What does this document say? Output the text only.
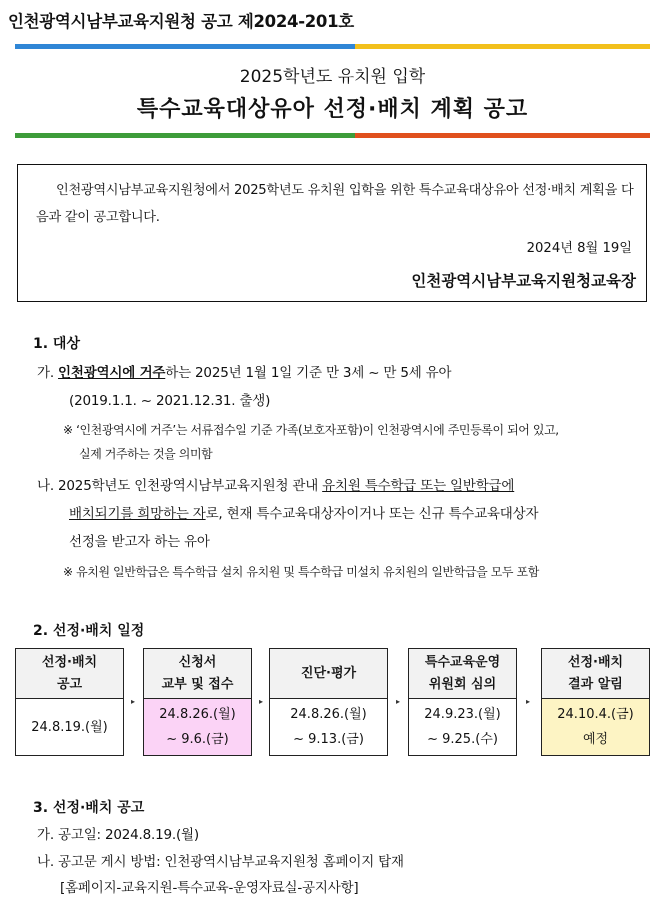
인천광역시남부교육지원청 공고 제2024-201호
2025학년도 유치원 입학
특수교육대상유아 선정·배치 계획 공고
인천광역시남부교육지원청에서 2025학년도 유치원 입학을 위한 특수교육대상유아 선정·배치 계획을 다음과 같이 공고합니다.
2024년 8월 19일
인천광역시남부교육지원청교육장
1. 대상
가. 인천광역시에 거주하는 2025년 1월 1일 기준 만 3세 ~ 만 5세 유아
(2019.1.1. ~ 2021.12.31. 출생)
※ ‘인천광역시에 거주’는 서류접수일 기준 가족(보호자포함)이 인천광역시에 주민등록이 되어 있고,
실제 거주하는 것을 의미함
나. 2025학년도 인천광역시남부교육지원청 관내 유치원 특수학급 또는 일반학급에
배치되기를 희망하는 자로, 현재 특수교육대상자이거나 또는 신규 특수교육대상자
선정을 받고자 하는 유아
※ 유치원 일반학급은 특수학급 설치 유치원 및 특수학급 미설치 유치원의 일반학급을 모두 포함
2. 선정·배치 일정
선정·배치
공고
24.8.19.(월)
▸
신청서
교부 및 접수
24.8.26.(월)
~ 9.6.(금)
▸
진단·평가
24.8.26.(월)
~ 9.13.(금)
▸
특수교육운영
위원회 심의
24.9.23.(월)
~ 9.25.(수)
▸
선정·배치
결과 알림
24.10.4.(금)
예정
3. 선정·배치 공고
가. 공고일: 2024.8.19.(월)
나. 공고문 게시 방법: 인천광역시남부교육지원청 홈페이지 탑재
[홈페이지-교육지원-특수교육-운영자료실-공지사항]
